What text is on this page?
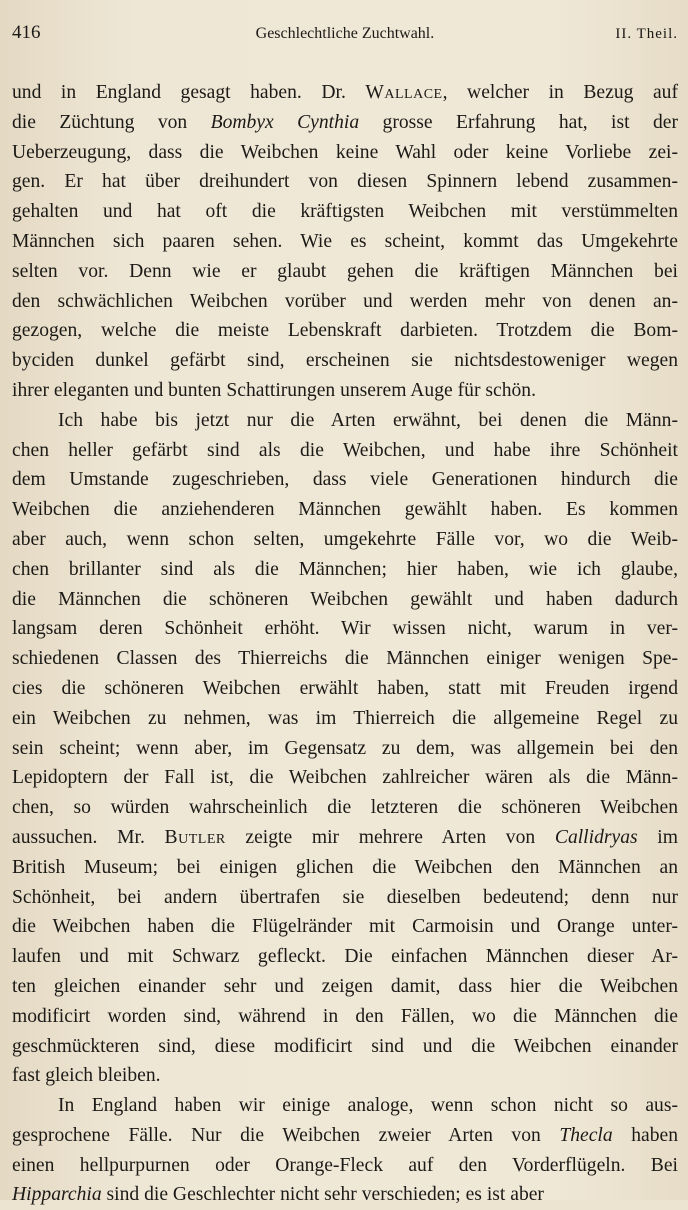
416	Geschlechtliche Zuchtwahl.	II. Theil.
und in England gesagt haben. Dr. Wallace, welcher in Bezug auf
die Züchtung von Bombyx Cynthia grosse Erfahrung hat, ist der
Ueberzeugung, dass die Weibchen keine Wahl oder keine Vorliebe zei-
gen. Er hat über dreihundert von diesen Spinnern lebend zusammen-
gehalten und hat oft die kräftigsten Weibchen mit verstümmelten
Männchen sich paaren sehen. Wie es scheint, kommt das Umgekehrte
selten vor. Denn wie er glaubt gehen die kräftigen Männchen bei
den schwächlichen Weibchen vorüber und werden mehr von denen an-
gezogen, welche die meiste Lebenskraft darbieten. Trotzdem die Bom-
byciden dunkel gefärbt sind, erscheinen sie nichtsdestoweniger wegen
ihrer eleganten und bunten Schattirungen unserem Auge für schön.
Ich habe bis jetzt nur die Arten erwähnt, bei denen die Männ-
chen heller gefärbt sind als die Weibchen, und habe ihre Schönheit
dem Umstande zugeschrieben, dass viele Generationen hindurch die
Weibchen die anziehenderen Männchen gewählt haben. Es kommen
aber auch, wenn schon selten, umgekehrte Fälle vor, wo die Weib-
chen brillanter sind als die Männchen; hier haben, wie ich glaube,
die Männchen die schöneren Weibchen gewählt und haben dadurch
langsam deren Schönheit erhöht. Wir wissen nicht, warum in ver-
schiedenen Classen des Thierreichs die Männchen einiger wenigen Spe-
cies die schöneren Weibchen erwählt haben, statt mit Freuden irgend
ein Weibchen zu nehmen, was im Thierreich die allgemeine Regel zu
sein scheint; wenn aber, im Gegensatz zu dem, was allgemein bei den
Lepidoptern der Fall ist, die Weibchen zahlreicher wären als die Männ-
chen, so würden wahrscheinlich die letzteren die schöneren Weibchen
aussuchen. Mr. Butler zeigte mir mehrere Arten von Callidryas im
British Museum; bei einigen glichen die Weibchen den Männchen an
Schönheit, bei andern übertrafen sie dieselben bedeutend; denn nur
die Weibchen haben die Flügelränder mit Carmoisin und Orange unter-
laufen und mit Schwarz gefleckt. Die einfachen Männchen dieser Ar-
ten gleichen einander sehr und zeigen damit, dass hier die Weibchen
modificirt worden sind, während in den Fällen, wo die Männchen die
geschmückteren sind, diese modificirt sind und die Weibchen einander
fast gleich bleiben.
In England haben wir einige analoge, wenn schon nicht so aus-
gesprochene Fälle. Nur die Weibchen zweier Arten von Thecla haben
einen hellpurpurnen oder Orange-Fleck auf den Vorderflügeln. Bei
Hipparchia sind die Geschlechter nicht sehr verschieden; es ist aber
